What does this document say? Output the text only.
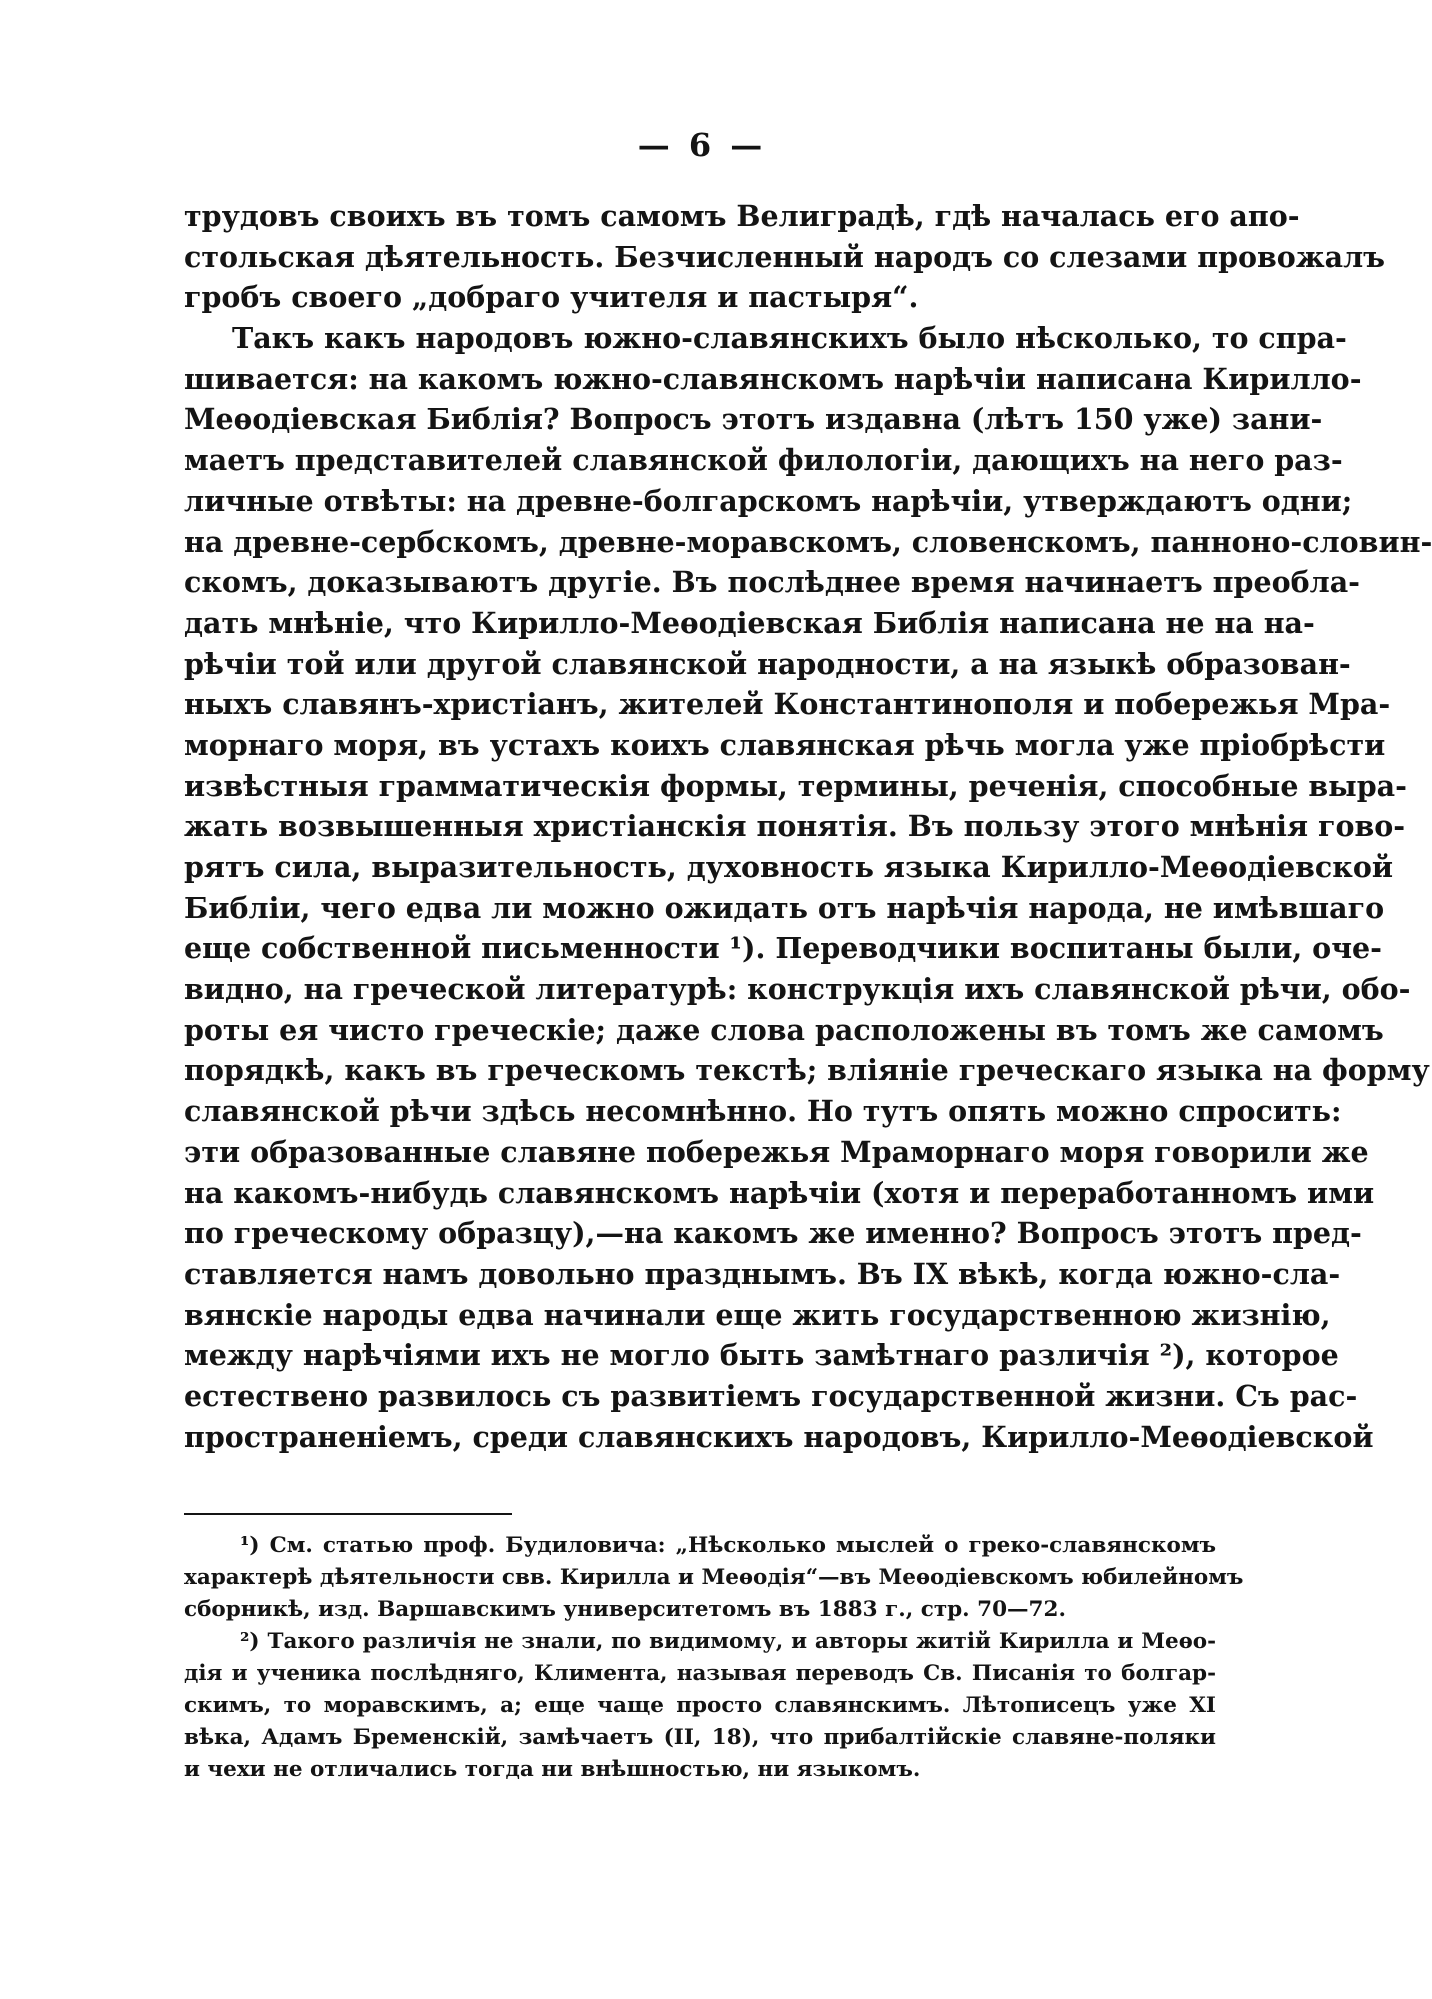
— 6 —
трудовъ своихъ въ томъ самомъ Велиградѣ, гдѣ началась его апо-
стольская дѣятельность. Безчисленный народъ со слезами провожалъ
гробъ своего „добраго учителя и пастыря“.
Такъ какъ народовъ южно-славянскихъ было нѣсколько, то спра-
шивается: на какомъ южно-славянскомъ нарѣчіи написана Кирилло-
Меѳодіевская Библія? Вопросъ этотъ издавна (лѣтъ 150 уже) зани-
маетъ представителей славянской филологіи, дающихъ на него раз-
личные отвѣты: на древне-болгарскомъ нарѣчіи, утверждаютъ одни;
на древне-сербскомъ, древне-моравскомъ, словенскомъ, панноно-словин-
скомъ, доказываютъ другіе. Въ послѣднее время начинаетъ преобла-
дать мнѣніе, что Кирилло-Меѳодіевская Библія написана не на на-
рѣчіи той или другой славянской народности, а на языкѣ образован-
ныхъ славянъ-христіанъ, жителей Константинополя и побережья Мра-
морнаго моря, въ устахъ коихъ славянская рѣчь могла уже пріобрѣсти
извѣстныя грамматическія формы, термины, реченія, способные выра-
жать возвышенныя христіанскія понятія. Въ пользу этого мнѣнія гово-
рятъ сила, выразительность, духовность языка Кирилло-Меѳодіевской
Библіи, чего едва ли можно ожидать отъ нарѣчія народа, не имѣвшаго
еще собственной письменности ¹). Переводчики воспитаны были, оче-
видно, на греческой литературѣ: конструкція ихъ славянской рѣчи, обо-
роты ея чисто греческіе; даже слова расположены въ томъ же самомъ
порядкѣ, какъ въ греческомъ текстѣ; вліяніе греческаго языка на форму
славянской рѣчи здѣсь несомнѣнно. Но тутъ опять можно спросить:
эти образованные славяне побережья Мраморнаго моря говорили же
на какомъ-нибудь славянскомъ нарѣчіи (хотя и переработанномъ ими
по греческому образцу),—на какомъ же именно? Вопросъ этотъ пред-
ставляется намъ довольно празднымъ. Въ IX вѣкѣ, когда южно-сла-
вянскіе народы едва начинали еще жить государственною жизнію,
между нарѣчіями ихъ не могло быть замѣтнаго различія ²), которое
естествено развилось съ развитіемъ государственной жизни. Съ рас-
пространеніемъ, среди славянскихъ народовъ, Кирилло-Меѳодіевской
¹) См. статью проф. Будиловича: „Нѣсколько мыслей о греко-славянскомъ
характерѣ дѣятельности свв. Кирилла и Меѳодія“—въ Меѳодіевскомъ юбилейномъ
сборникѣ, изд. Варшавскимъ университетомъ въ 1883 г., стр. 70—72.
²) Такого различія не знали, по видимому, и авторы житій Кирилла и Меѳо-
дія и ученика послѣдняго, Климента, называя переводъ Св. Писанія то болгар-
скимъ, то моравскимъ, а; еще чаще просто славянскимъ. Лѣтописецъ уже XI
вѣка, Адамъ Бременскій, замѣчаетъ (II, 18), что прибалтійскіе славяне-поляки
и чехи не отличались тогда ни внѣшностью, ни языкомъ.
